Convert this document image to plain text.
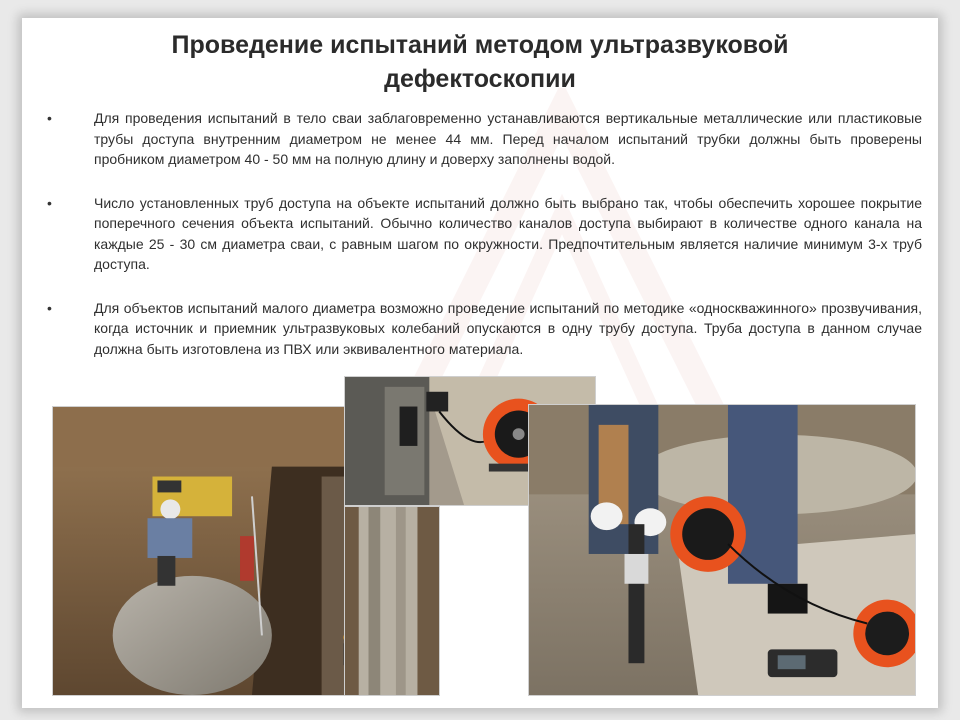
Проведение испытаний методом ультразвуковой
дефектоскопии
•	Для проведения испытаний в тело сваи заблаговременно устанавливаются вертикальные металлические или пластиковые трубы доступа внутренним диаметром не менее 44 мм. Перед началом испытаний трубки должны быть проверены пробником диаметром 40 - 50 мм на полную длину и доверху заполнены водой.
•	Число установленных труб доступа на объекте испытаний должно быть выбрано так, чтобы обеспечить хорошее покрытие поперечного сечения объекта испытаний. Обычно количество каналов доступа выбирают в количестве одного канала на каждые 25 - 30 см диаметра сваи, с равным шагом по окружности. Предпочтительным является наличие минимум 3-х труб доступа.
•	Для объектов испытаний малого диаметра возможно проведение испытаний по методике «односкважинного» прозвучивания, когда источник и приемник ультразвуковых колебаний опускаются в одну трубу доступа. Труба доступа в данном случае должна быть изготовлена из ПВХ или эквивалентного материала.
